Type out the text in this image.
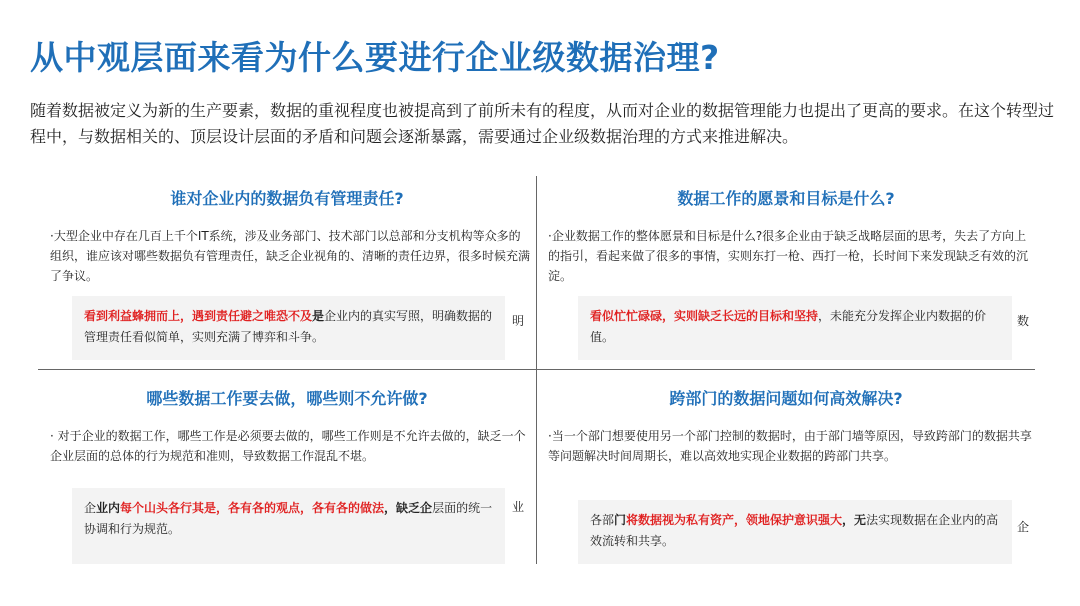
从中观层面来看为什么要进行企业级数据治理?
随着数据被定义为新的生产要素，数据的重视程度也被提高到了前所未有的程度，从而对企业的数据管理能力也提出了更高的要求。在这个转型过程中，与数据相关的、顶层设计层面的矛盾和问题会逐渐暴露，需要通过企业级数据治理的方式来推进解决。
谁对企业内的数据负有管理责任?
·大型企业中存在几百上千个IT系统，涉及业务部门、技术部门以总部和分支机构等众多的组织，谁应该对哪些数据负有管理责任，缺乏企业视角的、清晰的责任边界，很多时候充满了争议。
看到利益蜂拥而上，遇到责任避之唯恐不及是企业内的真实写照，明确数据的管理责任看似简单，实则充满了博弈和斗争。
明
数据工作的愿景和目标是什么?
·企业数据工作的整体愿景和目标是什么?很多企业由于缺乏战略层面的思考，失去了方向上的指引，看起来做了很多的事情，实则东打一枪、西打一枪，长时间下来发现缺乏有效的沉淀。
看似忙忙碌碌，实则缺乏长远的目标和坚持，未能充分发挥企业内数据的价值。
数
哪些数据工作要去做，哪些则不允许做?
· 对于企业的数据工作，哪些工作是必须要去做的，哪些工作则是不允许去做的，缺乏一个企业层面的总体的行为规范和准则，导致数据工作混乱不堪。
企业内每个山头各行其是，各有各的观点，各有各的做法，缺乏企层面的统一协调和行为规范。
业
跨部门的数据问题如何高效解决?
·当一个部门想要使用另一个部门控制的数据时，由于部门墙等原因，导致跨部门的数据共享等问题解决时间周期长，难以高效地实现企业数据的跨部门共享。
各部门将数据视为私有资产，领地保护意识强大，无法实现数据在企业内的高效流转和共享。
企
